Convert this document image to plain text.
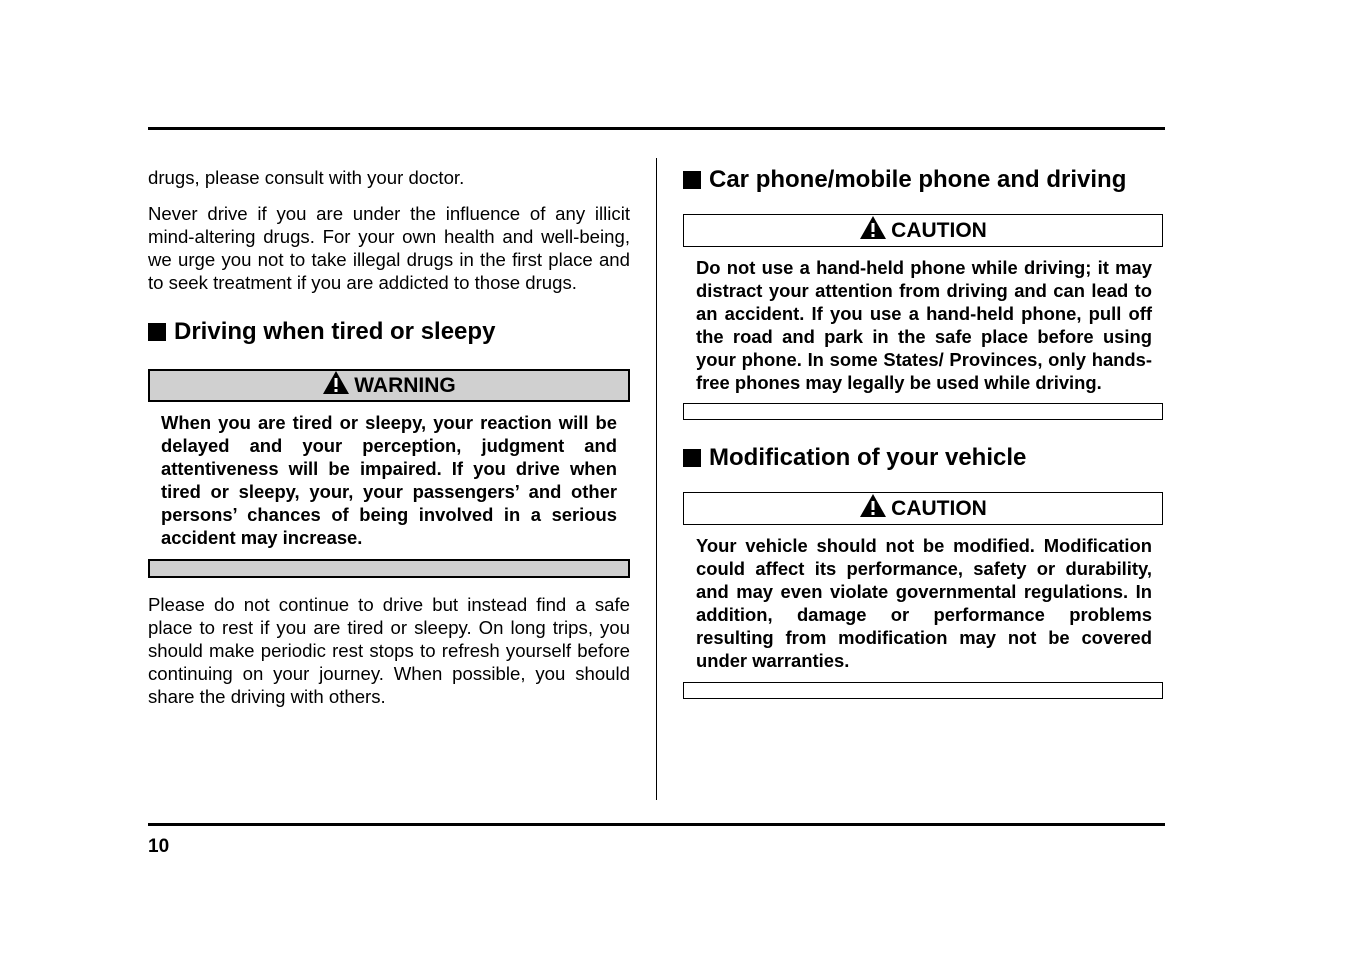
drugs, please consult with your doctor.

Never drive if you are under the influence of any illicit mind-altering drugs. For your own health and well-being, we urge you not to take illegal drugs in the first place and to seek treatment if you are addicted to those drugs.

Driving when tired or sleepy
WARNING
When you are tired or sleepy, your reaction will be delayed and your perception, judgment and attentiveness will be impaired. If you drive when tired or sleepy, your, your passengers’ and other persons’ chances of being involved in a serious accident may increase.

Please do not continue to drive but instead find a safe place to rest if you are tired or sleepy. On long trips, you should make periodic rest stops to refresh yourself before continuing on your journey. When possible, you should share the driving with others.

Car phone/mobile phone and driving
CAUTION
Do not use a hand-held phone while driving; it may distract your attention from driving and can lead to an accident. If you use a hand-held phone, pull off the road and park in the safe place before using your phone. In some States/ Provinces, only hands-free phones may legally be used while driving.
Modification of your vehicle
CAUTION
Your vehicle should not be modified. Modification could affect its performance, safety or durability, and may even violate governmental regulations. In addition, damage or performance problems resulting from modification may not be covered under warranties.
10
